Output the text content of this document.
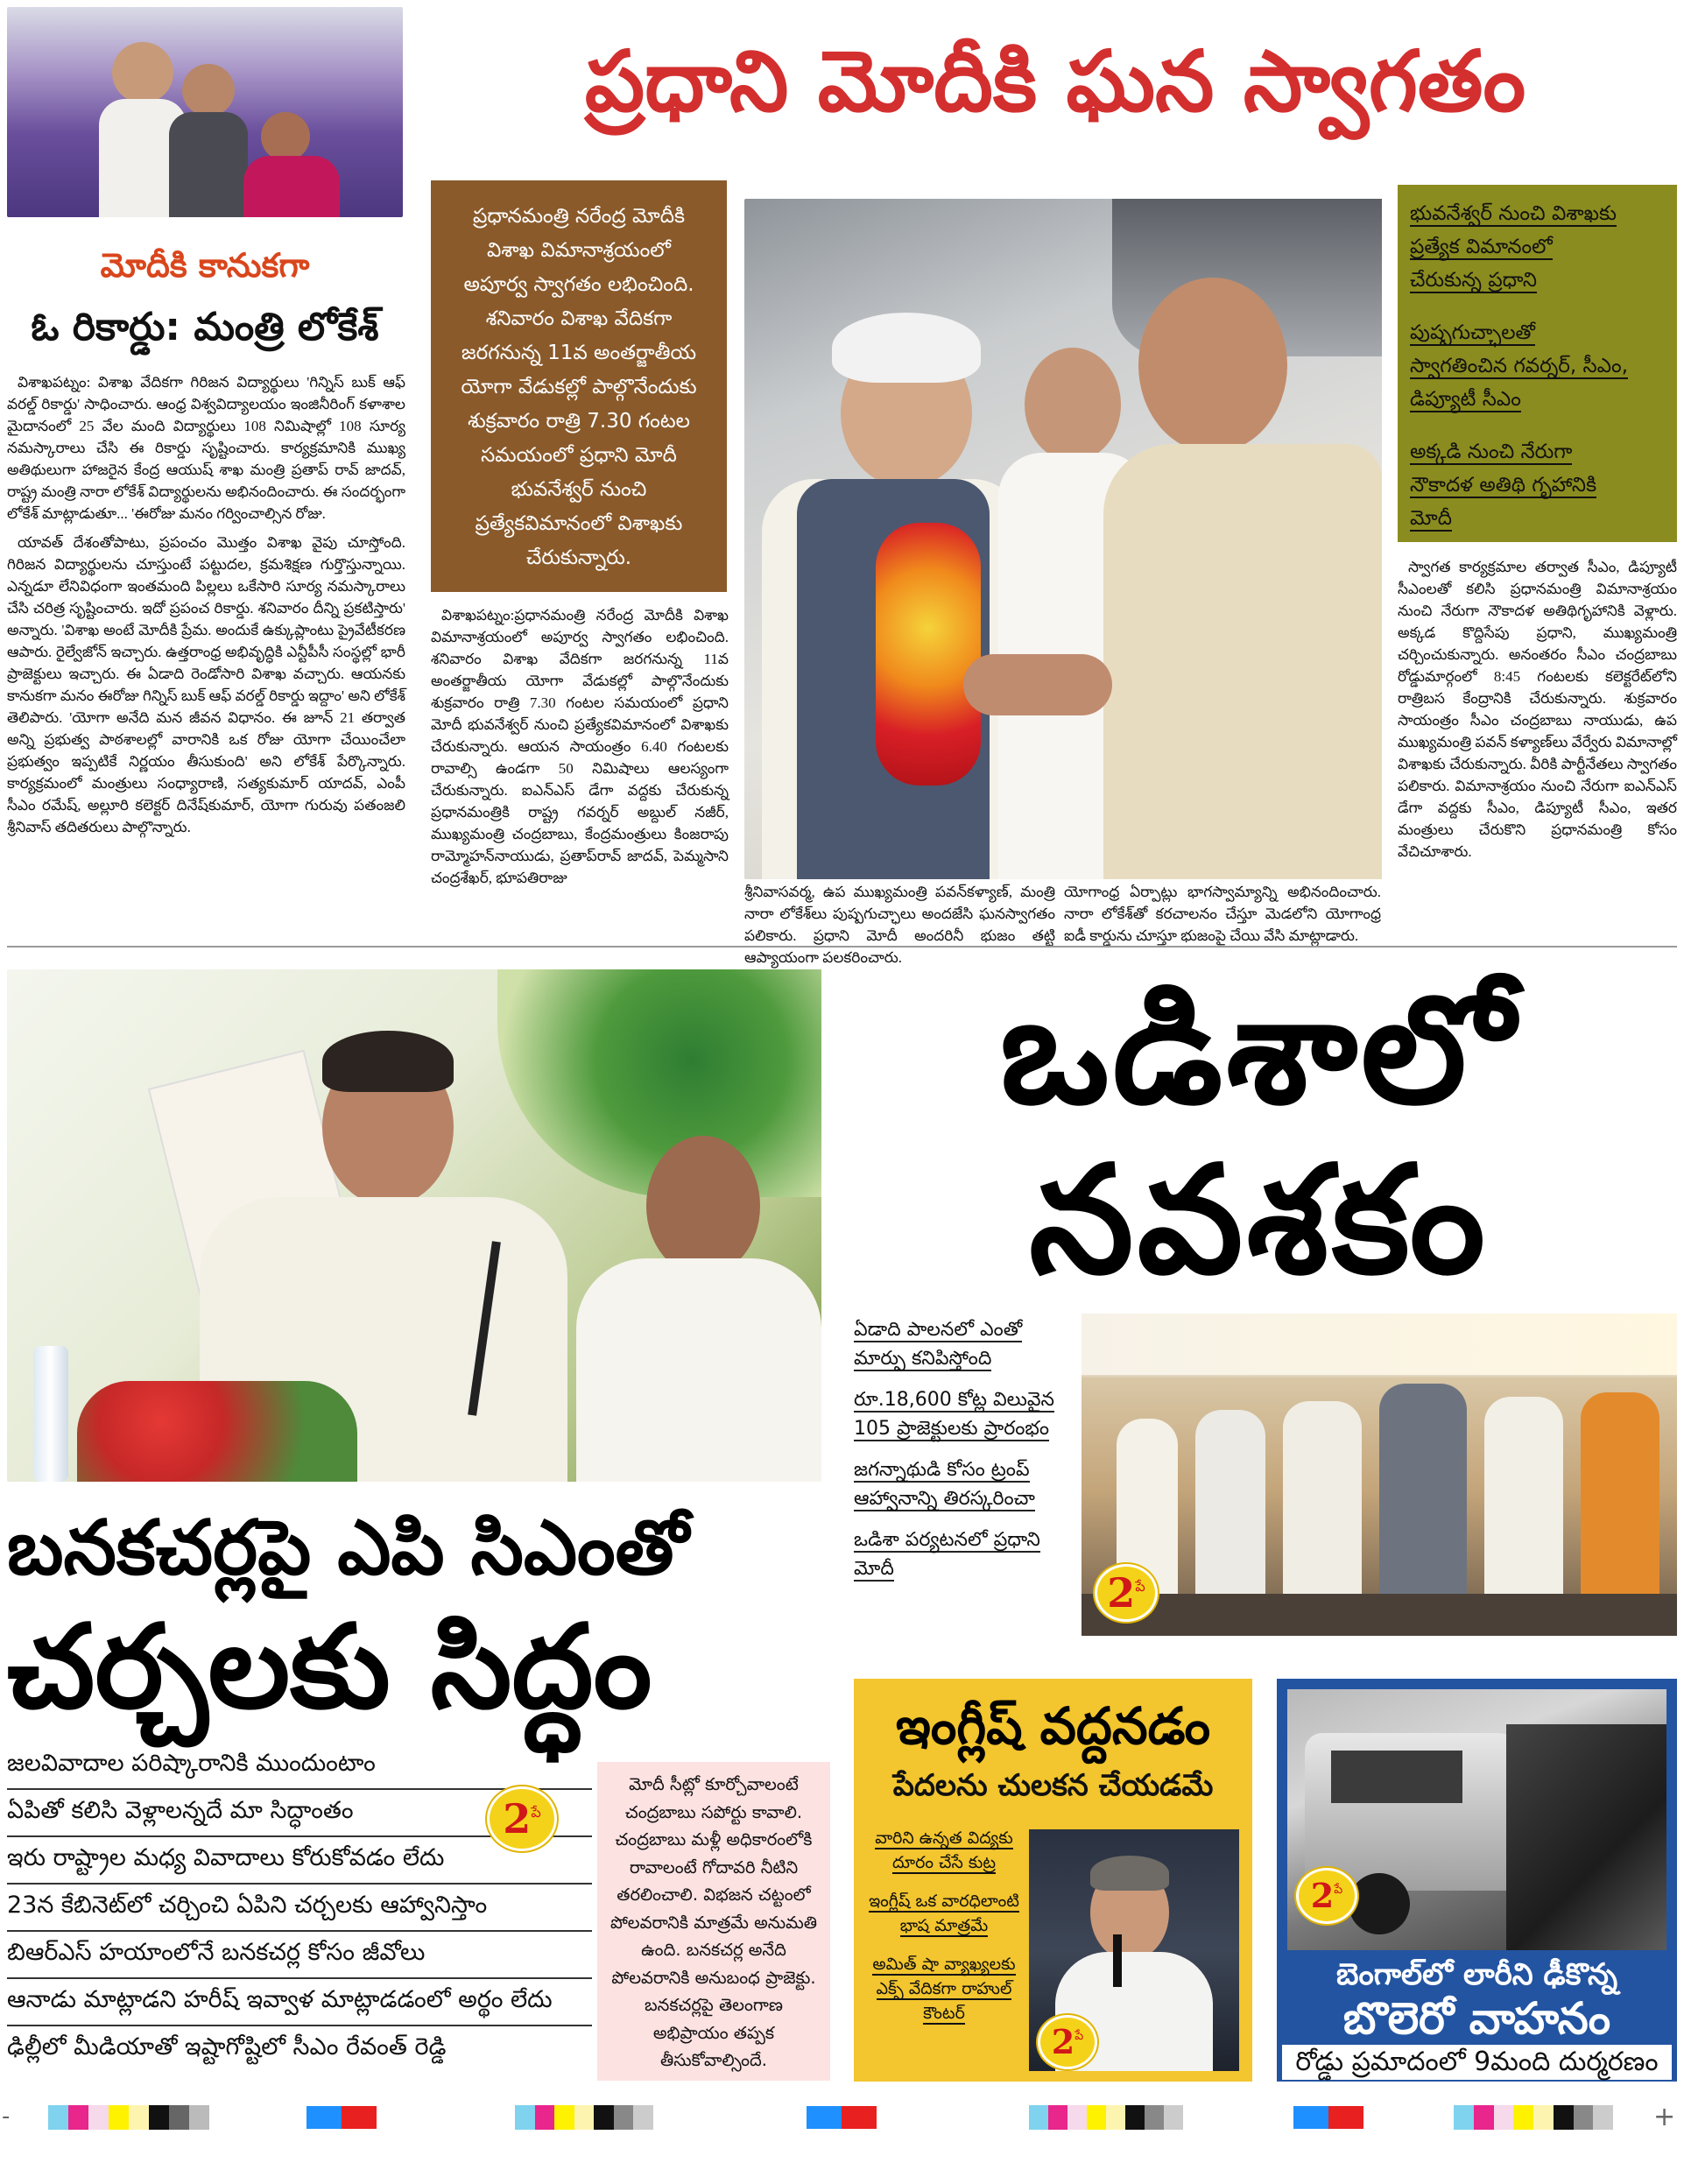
ప్రధాని మోదీకి ఘన స్వాగతం
మోదీకి కానుకగా
ఓ రికార్డు: మంత్రి లోకేశ్

విశాఖపట్నం: విశాఖ వేదికగా గిరిజన విద్యార్థులు 'గిన్నిస్ బుక్ ఆఫ్ వరల్డ్ రికార్డు' సాధించారు. ఆంధ్ర విశ్వవిద్యాలయం ఇంజినీరింగ్ కళాశాల మైదానంలో 25 వేల మంది విద్యార్థులు 108 నిమిషాల్లో 108 సూర్య నమస్కారాలు చేసి ఈ రికార్డు సృష్టించారు. కార్యక్రమానికి ముఖ్య అతిథులుగా హాజరైన కేంద్ర ఆయుష్ శాఖ మంత్రి ప్రతాప్ రావ్ జాదవ్, రాష్ట్ర మంత్రి నారా లోకేశ్ విద్యార్థులను అభినందించారు. ఈ సందర్భంగా లోకేశ్ మాట్లాడుతూ... 'ఈరోజు మనం గర్వించాల్సిన రోజు.

యావత్ దేశంతోపాటు, ప్రపంచం మొత్తం విశాఖ వైపు చూస్తోంది. గిరిజన విద్యార్థులను చూస్తుంటే పట్టుదల, క్రమశిక్షణ గుర్తొస్తున్నాయి. ఎన్నడూ లేనివిధంగా ఇంతమంది పిల్లలు ఒకేసారి సూర్య నమస్కారాలు చేసి చరిత్ర సృష్టించారు. ఇదో ప్రపంచ రికార్డు. శనివారం దీన్ని ప్రకటిస్తారు' అన్నారు. 'విశాఖ అంటే మోదీకి ప్రేమ. అందుకే ఉక్కుప్లాంటు ప్రైవేటీకరణ ఆపారు. రైల్వేజోన్ ఇచ్చారు. ఉత్తరాంధ్ర అభివృద్ధికి ఎన్టీపీసీ సంస్థల్లో భారీ ప్రాజెక్టులు ఇచ్చారు. ఈ ఏడాది రెండోసారి విశాఖ వచ్చారు. ఆయనకు కానుకగా మనం ఈరోజు గిన్నిస్ బుక్ ఆఫ్ వరల్డ్ రికార్డు ఇద్దాం' అని లోకేశ్ తెలిపారు. 'యోగా అనేది మన జీవన విధానం. ఈ జూన్ 21 తర్వాత అన్ని ప్రభుత్వ పాఠశాలల్లో వారానికి ఒక రోజు యోగా చేయించేలా ప్రభుత్వం ఇప్పటికే నిర్ణయం తీసుకుంది' అని లోకేశ్ పేర్కొన్నారు. కార్యక్రమంలో మంత్రులు సంధ్యారాణి, సత్యకుమార్ యాదవ్, ఎంపీ సీఎం రమేష్, అల్లూరి కలెక్టర్ దినేష్‌కుమార్, యోగా గురువు పతంజలి శ్రీనివాస్ తదితరులు పాల్గొన్నారు.

ప్రధానమంత్రి నరేంద్ర మోదీకి
విశాఖ విమానాశ్రయంలో
అపూర్వ స్వాగతం లభించింది.
శనివారం విశాఖ వేదికగా
జరగనున్న 11వ అంతర్జాతీయ
యోగా వేడుకల్లో పాల్గొనేందుకు
శుక్రవారం రాత్రి 7.30 గంటల
సమయంలో ప్రధాని మోదీ
భువనేశ్వర్ నుంచి
ప్రత్యేకవిమానంలో విశాఖకు
చేరుకున్నారు.

విశాఖపట్నం:ప్రధానమంత్రి నరేంద్ర మోదీకి విశాఖ విమానాశ్రయంలో అపూర్వ స్వాగతం లభించింది. శనివారం విశాఖ వేదికగా జరగనున్న 11వ అంతర్జాతీయ యోగా వేడుకల్లో పాల్గొనేందుకు శుక్రవారం రాత్రి 7.30 గంటల సమయంలో ప్రధాని మోదీ భువనేశ్వర్ నుంచి ప్రత్యేకవిమానంలో విశాఖకు చేరుకున్నారు. ఆయన సాయంత్రం 6.40 గంటలకు రావాల్సి ఉండగా 50 నిమిషాలు ఆలస్యంగా చేరుకున్నారు. ఐఎన్ఎస్ డేగా వద్దకు చేరుకున్న ప్రధానమంత్రికి రాష్ట్ర గవర్నర్ అబ్దుల్ నజీర్, ముఖ్యమంత్రి చంద్రబాబు, కేంద్రమంత్రులు కింజరాపు రామ్మోహన్‌నాయుడు, ప్రతాప్‌రావ్ జాదవ్, పెమ్మసాని చంద్రశేఖర్, భూపతిరాజు

శ్రీనివాసవర్మ, ఉప ముఖ్యమంత్రి పవన్‌కళ్యాణ్, మంత్రి నారా లోకేశ్‌లు పుష్పగుచ్ఛాలు అందజేసి ఘనస్వాగతం పలికారు. ప్రధాని మోదీ అందరినీ భుజం తట్టి ఆప్యాయంగా పలకరించారు.

యోగాంధ్ర ఏర్పాట్లు భాగస్వామ్యాన్ని అభినందించారు. నారా లోకేశ్‌తో కరచాలనం చేస్తూ మెడలోని యోగాంధ్ర ఐడీ కార్డును చూస్తూ భుజంపై చేయి వేసి మాట్లాడారు.

భువనేశ్వర్ నుంచి విశాఖకు
ప్రత్యేక విమానంలో
చేరుకున్న ప్రధాని
పుష్పగుచ్ఛాలతో
స్వాగతించిన గవర్నర్, సీఎం,
డిప్యూటీ సీఎం
అక్కడి నుంచి నేరుగా
నౌకాదళ అతిథి గృహానికి
మోదీ

స్వాగత కార్యక్రమాల తర్వాత సీఎం, డిప్యూటీ సీఎంలతో కలిసి ప్రధానమంత్రి విమానాశ్రయం నుంచి నేరుగా నౌకాదళ అతిథిగృహానికి వెళ్లారు. అక్కడ కొద్దిసేపు ప్రధాని, ముఖ్యమంత్రి చర్చించుకున్నారు. అనంతరం సీఎం చంద్రబాబు రోడ్డుమార్గంలో 8:45 గంటలకు కలెక్టరేట్‌లోని రాత్రిబస కేంద్రానికి చేరుకున్నారు. శుక్రవారం సాయంత్రం సీఎం చంద్రబాబు నాయుడు, ఉప ముఖ్యమంత్రి పవన్ కళ్యాణ్‌లు వేర్వేరు విమానాల్లో విశాఖకు చేరుకున్నారు. వీరికి పార్టీనేతలు స్వాగతం పలికారు. విమానాశ్రయం నుంచి నేరుగా ఐఎన్ఎస్ డేగా వద్దకు సీఎం, డిప్యూటీ సీఎం, ఇతర మంత్రులు చేరుకొని ప్రధానమంత్రి కోసం వేచిచూశారు.

ఒడిశాలో
నవశకం
ఏడాది పాలనలో ఎంతో మార్పు కనిపిస్తోంది
రూ.18,600 కోట్ల విలువైన 105 ప్రాజెక్టులకు ప్రారంభం
జగన్నాథుడి కోసం ట్రంప్ ఆహ్వానాన్ని తిరస్కరించా
ఒడిశా పర్యటనలో ప్రధాని మోదీ
2 పే
బనకచర్లపై ఎపి సిఎంతో
చర్చలకు సిద్ధం
జలవివాదాల పరిష్కారానికి ముందుంటాం
ఏపితో కలిసి వెళ్లాలన్నదే మా సిద్ధాంతం
ఇరు రాష్ట్రాల మధ్య వివాదాలు కోరుకోవడం లేదు
23న కేబినెట్‌లో చర్చించి ఏపిని చర్చలకు ఆహ్వానిస్తాం
బిఆర్ఎస్ హయాంలోనే బనకచర్ల కోసం జీవోలు
ఆనాడు మాట్లాడని హరీష్ ఇవ్వాళ మాట్లాడడంలో అర్థం లేదు
ఢిల్లీలో మీడియాతో ఇష్టాగోష్టిలో సీఎం రేవంత్ రెడ్డి
2 పే
మోదీ సీట్లో కూర్చోవాలంటే
చంద్రబాబు సపోర్టు కావాలి.
చంద్రబాబు మళ్లీ అధికారంలోకి
రావాలంటే గోదావరి నీటిని
తరలించాలి. విభజన చట్టంలో
పోలవరానికి మాత్రమే అనుమతి
ఉంది. బనకచర్ల అనేది
పోలవరానికి అనుబంధ ప్రాజెక్టు.
బనకచర్లపై తెలంగాణ
అభిప్రాయం తప్పక
తీసుకోవాల్సిందే.
ఇంగ్లీష్ వద్దనడం
పేదలను చులకన చేయడమే
వారిని ఉన్నత విద్యకు దూరం చేసే కుట్ర
ఇంగ్లీష్ ఒక వారధిలాంటి భాష మాత్రమే
అమిత్ షా వ్యాఖ్యలకు ఎక్స్ వేదికగా రాహుల్ కౌంటర్
2 పే
2 పే
బెంగాల్‌లో లారీని ఢీకొన్న
బొలెరో వాహనం
రోడ్డు ప్రమాదంలో 9మంది దుర్మరణం
-	+
